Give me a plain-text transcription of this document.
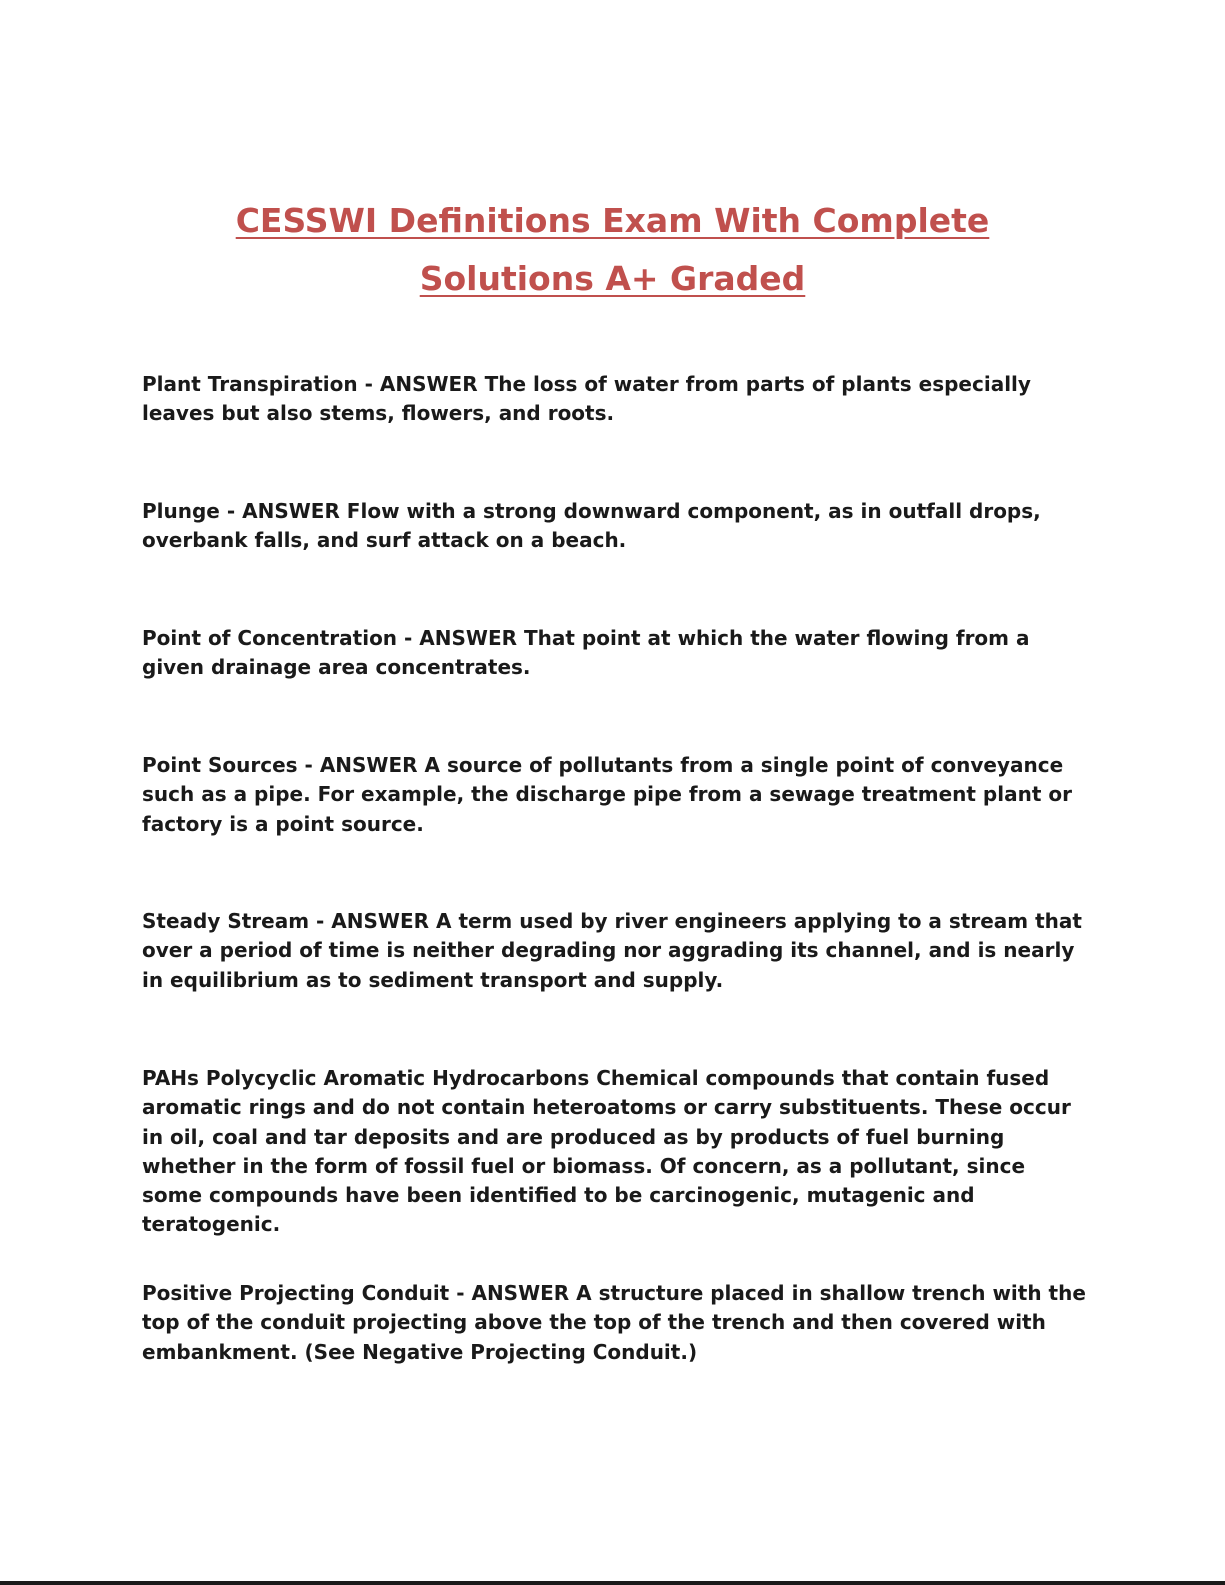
CESSWI Definitions Exam With Complete
Solutions A+ Graded

Plant Transpiration - ANSWER The loss of water from parts of plants especially leaves but also stems, flowers, and roots.

Plunge - ANSWER Flow with a strong downward component, as in outfall drops, overbank falls, and surf attack on a beach.

Point of Concentration - ANSWER That point at which the water flowing from a given drainage area concentrates.

Point Sources - ANSWER A source of pollutants from a single point of conveyance such as a pipe. For example, the discharge pipe from a sewage treatment plant or factory is a point source.

Steady Stream - ANSWER A term used by river engineers applying to a stream that over a period of time is neither degrading nor aggrading its channel, and is nearly in equilibrium as to sediment transport and supply.

PAHs Polycyclic Aromatic Hydrocarbons Chemical compounds that contain fused aromatic rings and do not contain heteroatoms or carry substituents. These occur in oil, coal and tar deposits and are produced as by products of fuel burning whether in the form of fossil fuel or biomass. Of concern, as a pollutant, since some compounds have been identified to be carcinogenic, mutagenic and teratogenic.

Positive Projecting Conduit - ANSWER A structure placed in shallow trench with the top of the conduit projecting above the top of the trench and then covered with embankment. (See Negative Projecting Conduit.)
